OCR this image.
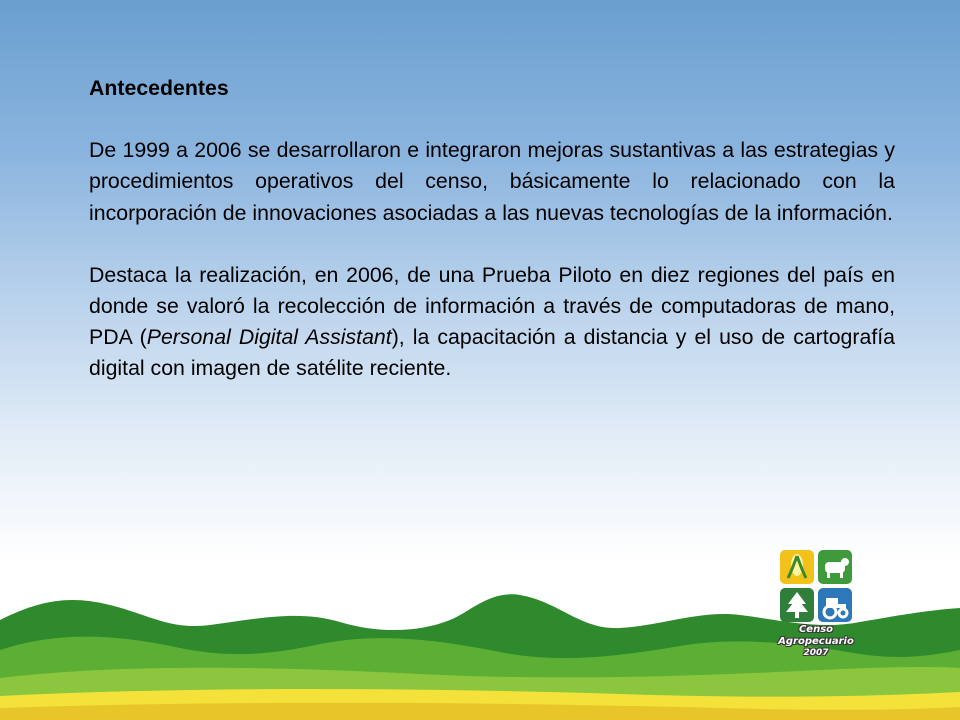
Antecedentes

De 1999 a 2006 se desarrollaron e integraron mejoras sustantivas a las estrategias y procedimientos operativos del censo, básicamente lo relacionado con la incorporación de innovaciones asociadas a las nuevas tecnologías de la información.

Destaca la realización, en 2006, de una Prueba Piloto en diez regiones del país en donde se valoró la recolección de información a través de computadoras de mano, PDA (Personal Digital Assistant), la capacitación a distancia y el uso de cartografía digital con imagen de satélite reciente.

Censo
Agropecuario
2007
